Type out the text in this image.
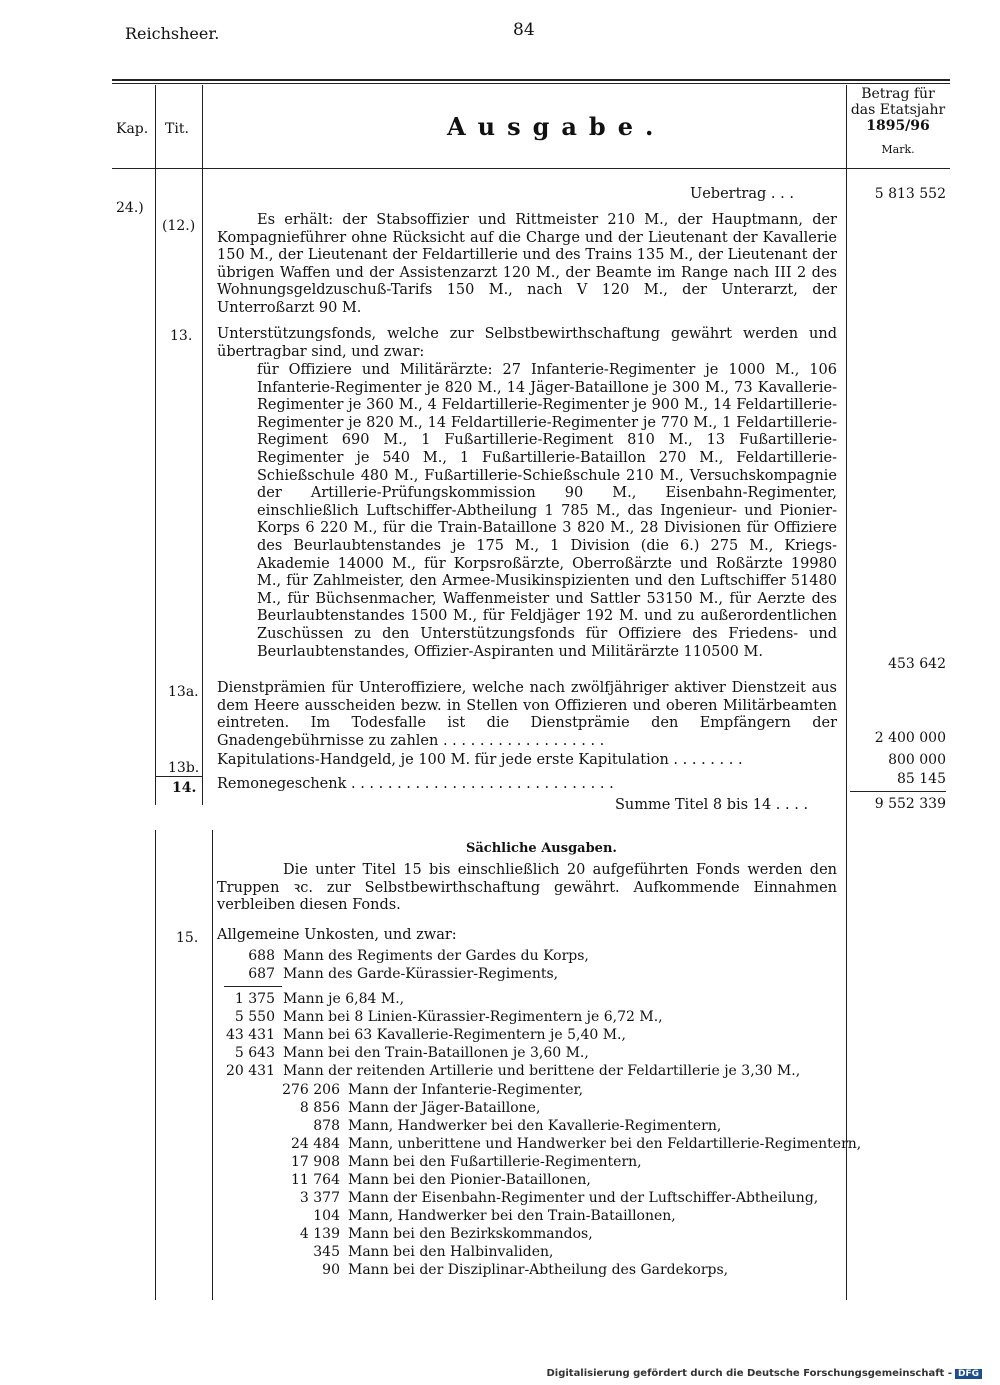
Reichsheer.	84
Kap. Tit.	Ausgabe.
Betrag für
das Etatsjahr
1895/96
Mark.
24.)
Uebertrag . . .	5 813 552
(12.)	Es erhält: der Stabsoffizier und Rittmeister 210 M., der Hauptmann, der Kompagnieführer ohne Rücksicht auf die Charge und der Lieutenant der Kavallerie 150 M., der Lieutenant der Feldartillerie und des Trains 135 M., der Lieutenant der übrigen Waffen und der Assistenzarzt 120 M., der Beamte im Range nach III 2 des Wohnungsgeldzuschuß-Tarifs 150 M., nach V 120 M., der Unterarzt, der Unterroßarzt 90 M.
13. Unterstützungsfonds, welche zur Selbstbewirthschaftung gewährt werden und übertragbar sind, und zwar:
für Offiziere und Militärärzte: 27 Infanterie-Regimenter je 1000 M., 106 Infanterie-Regimenter je 820 M., 14 Jäger-Bataillone je 300 M., 73 Kavallerie-Regimenter je 360 M., 4 Feldartillerie-Regimenter je 900 M., 14 Feldartillerie-Regimenter je 820 M., 14 Feldartillerie-Regimenter je 770 M., 1 Feldartillerie-Regiment 690 M., 1 Fußartillerie-Regiment 810 M., 13 Fußartillerie-Regimenter je 540 M., 1 Fußartillerie-Bataillon 270 M., Feldartillerie-Schießschule 480 M., Fußartillerie-Schießschule 210 M., Versuchskompagnie der Artillerie-Prüfungskommission 90 M., Eisenbahn-Regimenter, einschließlich Luftschiffer-Abtheilung 1 785 M., das Ingenieur- und Pionier-Korps 6 220 M., für die Train-Bataillone 3 820 M., 28 Divisionen für Offiziere des Beurlaubtenstandes je 175 M., 1 Division (die 6.) 275 M., Kriegs-Akademie 14000 M., für Korpsroßärzte, Oberroßärzte und Roßärzte 19980 M., für Zahlmeister, den Armee-Musikinspizienten und den Luftschiffer 51480 M., für Büchsenmacher, Waffenmeister und Sattler 53150 M., für Aerzte des Beurlaubtenstandes 1500 M., für Feldjäger 192 M. und zu außerordentlichen Zuschüssen zu den Unterstützungsfonds für Offiziere des Friedens- und Beurlaubtenstandes, Offizier-Aspiranten und Militärärzte 110500 M.
453 642
13a. Dienstprämien für Unteroffiziere, welche nach zwölfjähriger aktiver Dienstzeit aus dem Heere ausscheiden bezw. in Stellen von Offizieren und oberen Militärbeamten eintreten. Im Todesfalle ist die Dienstprämie den Empfängern der Gnadengebührnisse zu zahlen . . . . . . . . . . . . . . . . . .	2 400 000
13b. Kapitulations-Handgeld, je 100 M. für jede erste Kapitulation . . . . . . . .	800 000
14. Remonegeschenk . . . . . . . . . . . . . . . . . . . . . . . . . . . . .	85 145
Summe Titel 8 bis 14 . . . .	9 552 339
Sächliche Ausgaben.
Die unter Titel 15 bis einschließlich 20 aufgeführten Fonds werden den Truppen ꝛc. zur Selbstbewirthschaftung gewährt. Aufkommende Einnahmen verbleiben diesen Fonds.
15. Allgemeine Unkosten, und zwar:
688 Mann des Regiments der Gardes du Korps,
687 Mann des Garde-Kürassier-Regiments,
1 375 Mann je 6,84 M.,
5 550 Mann bei 8 Linien-Kürassier-Regimentern je 6,72 M.,
43 431 Mann bei 63 Kavallerie-Regimentern je 5,40 M.,
5 643 Mann bei den Train-Bataillonen je 3,60 M.,
20 431 Mann der reitenden Artillerie und berittene der Feldartillerie je 3,30 M.,
276 206 Mann der Infanterie-Regimenter,
8 856 Mann der Jäger-Bataillone,
878 Mann, Handwerker bei den Kavallerie-Regimentern,
24 484 Mann, unberittene und Handwerker bei den Feldartillerie-Regimentern,
17 908 Mann bei den Fußartillerie-Regimentern,
11 764 Mann bei den Pionier-Bataillonen,
3 377 Mann der Eisenbahn-Regimenter und der Luftschiffer-Abtheilung,
104 Mann, Handwerker bei den Train-Bataillonen,
4 139 Mann bei den Bezirkskommandos,
345 Mann bei den Halbinvaliden,
90 Mann bei der Disziplinar-Abtheilung des Gardekorps,
Digitalisierung gefördert durch die Deutsche Forschungsgemeinschaft - DFG
